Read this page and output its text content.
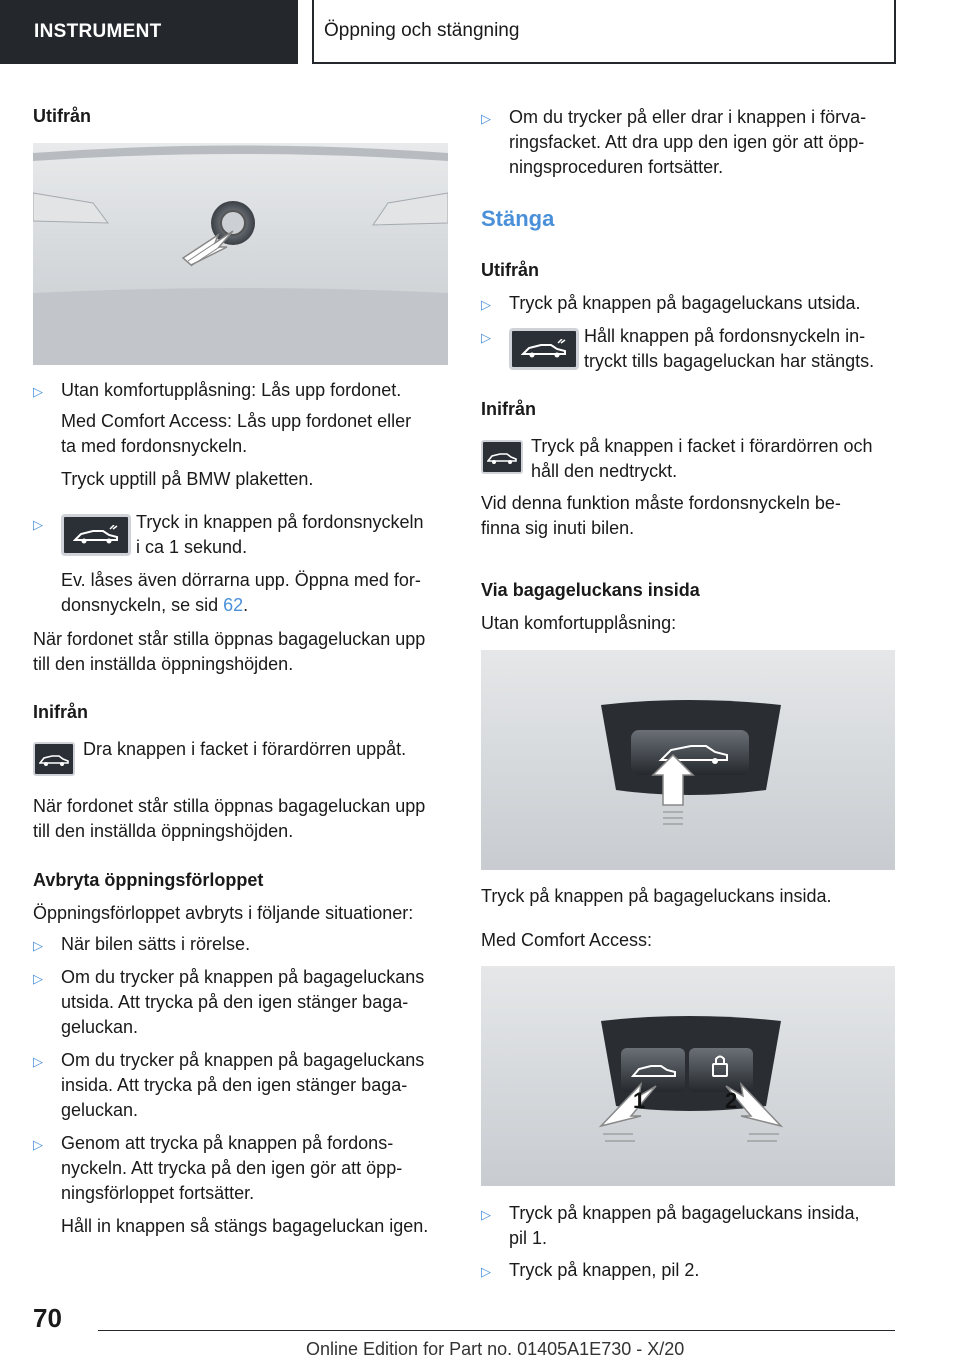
INSTRUMENT	Öppning och stängning
Utifrån
▷ Utan komfortupplåsning: Lås upp fordonet.
Med Comfort Access: Lås upp fordonet eller
ta med fordonsnyckeln.
Tryck upptill på BMW plaketten.
▷	Tryck in knappen på fordonsnyckeln
i ca 1 sekund.
Ev. låses även dörrarna upp. Öppna med for-
donsnyckeln, se sid 62.
När fordonet står stilla öppnas bagageluckan upp
till den inställda öppningshöjden.
Inifrån
Dra knappen i facket i förardörren uppåt.
När fordonet står stilla öppnas bagageluckan upp
till den inställda öppningshöjden.
Avbryta öppningsförloppet
Öppningsförloppet avbryts i följande situationer:
▷ När bilen sätts i rörelse.
▷ Om du trycker på knappen på bagageluckans
utsida. Att trycka på den igen stänger baga-
geluckan.
▷ Om du trycker på knappen på bagageluckans
insida. Att trycka på den igen stänger baga-
geluckan.
▷ Genom att trycka på knappen på fordons-
nyckeln. Att trycka på den igen gör att öpp-
ningsförloppet fortsätter.
Håll in knappen så stängs bagageluckan igen.
▷ Om du trycker på eller drar i knappen i förva-
ringsfacket. Att dra upp den igen gör att öpp-
ningsproceduren fortsätter.
Stänga
Utifrån
▷ Tryck på knappen på bagageluckans utsida.
▷	Håll knappen på fordonsnyckeln in-
tryckt tills bagageluckan har stängts.
Inifrån
Tryck på knappen i facket i förardörren och
håll den nedtryckt.
Vid denna funktion måste fordonsnyckeln be-
finna sig inuti bilen.
Via bagageluckans insida
Utan komfortupplåsning:
Tryck på knappen på bagageluckans insida.
Med Comfort Access:
1	2
▷ Tryck på knappen på bagageluckans insida,
pil 1.
▷ Tryck på knappen, pil 2.
70
Online Edition for Part no. 01405A1E730 - X/20
